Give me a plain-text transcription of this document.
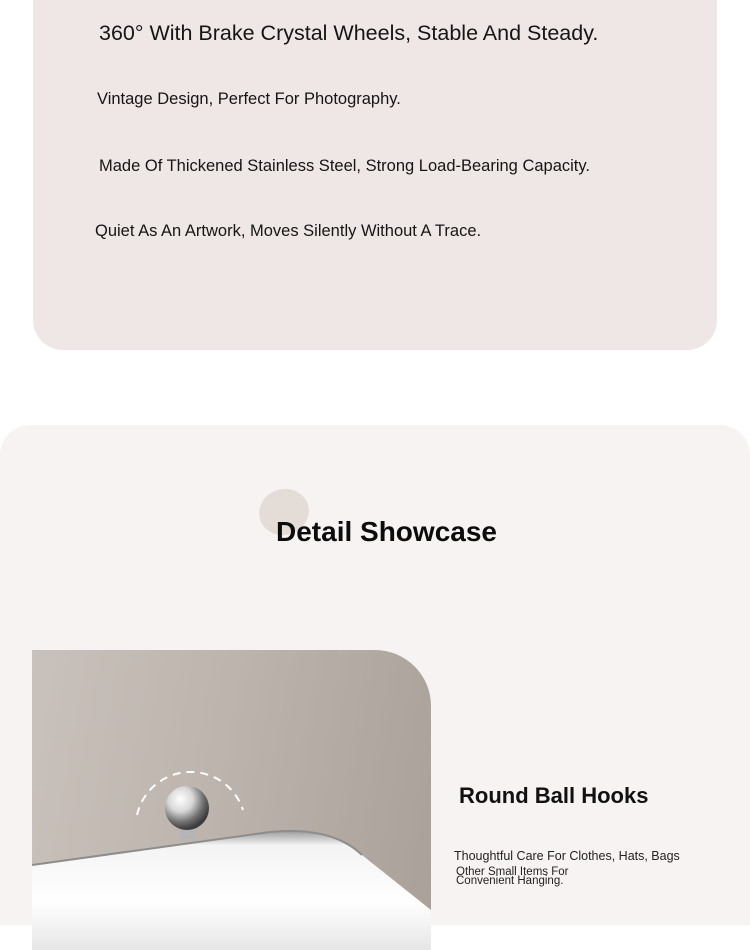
360° With Brake Crystal Wheels, Stable And Steady.

Vintage Design, Perfect For Photography.

Made Of Thickened Stainless Steel, Strong Load-Bearing Capacity.

Quiet As An Artwork, Moves Silently Without A Trace.

Detail Showcase
Round Ball Hooks

Thoughtful Care For Clothes, Hats, Bags

Other Small Items For Convenient Hanging.
